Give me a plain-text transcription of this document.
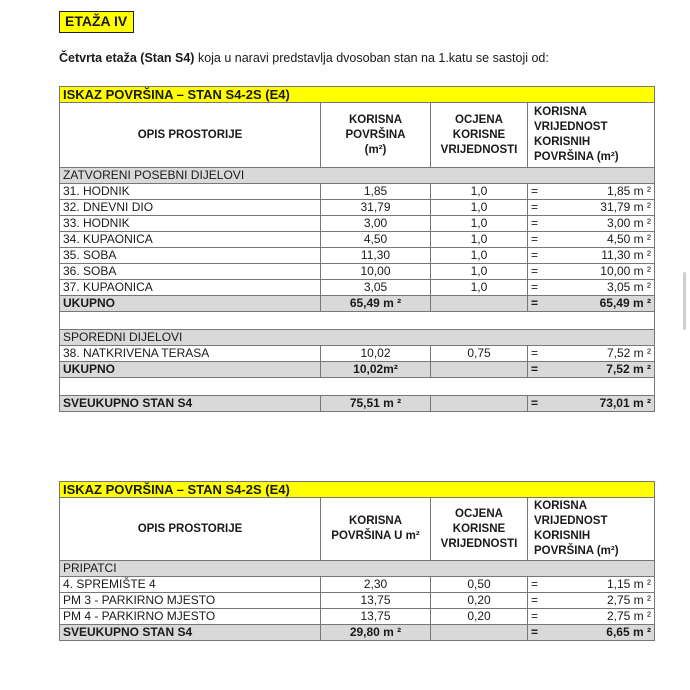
ETAŽA IV
Četvrta etaža (Stan S4) koja u naravi predstavlja dvosoban stan na 1.katu se sastoji od:
ISKAZ POVRŠINA – STAN S4-2S (E4)				
OPIS PROSTORIJE	KORISNA POVRŠINA (m²)	OCJENA KORISNE VRIJEDNOSTI	KORISNA VRIJEDNOST KORISNIH POVRŠINA (m²)	
ZATVORENI POSEBNI DIJELOVI				
31. HODNIK	1,85	1,0	=	1,85 m ²
32. DNEVNI DIO	31,79	1,0	=	31,79 m ²
33. HODNIK	3,00	1,0	=	3,00 m ²
34. KUPAONICA	4,50	1,0	=	4,50 m ²
35. SOBA	11,30	1,0	=	11,30 m ²
36. SOBA	10,00	1,0	=	10,00 m ²
37. KUPAONICA	3,05	1,0	=	3,05 m ²
UKUPNO	65,49 m ²		=	65,49 m ²

SPOREDNI DIJELOVI				
38. NATKRIVENA TERASA	10,02	0,75	=	7,52 m ²
UKUPNO	10,02m²		=	7,52 m ²

SVEUKUPNO STAN S4	75,51 m ²		=	73,01 m ²
ISKAZ POVRŠINA – STAN S4-2S (E4)				
OPIS PROSTORIJE	KORISNA POVRŠINA U m²	OCJENA KORISNE VRIJEDNOSTI	KORISNA VRIJEDNOST KORISNIH POVRŠINA (m²)	
PRIPATCI				
4. SPREMIŠTE 4	2,30	0,50	=	1,15 m ²
PM 3 - PARKIRNO MJESTO	13,75	0,20	=	2,75 m ²
PM 4 - PARKIRNO MJESTO	13,75	0,20	=	2,75 m ²
SVEUKUPNO STAN S4	29,80 m ²		=	6,65 m ²
